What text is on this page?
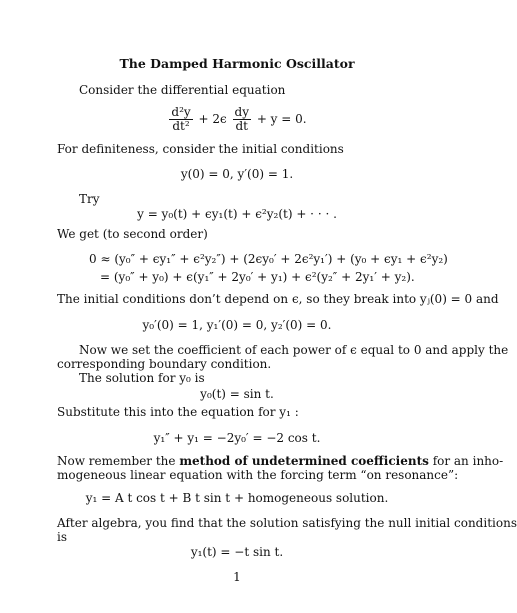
The Damped Harmonic Oscillator
Consider the differential equation
$\frac{\text{d²y}}{\text{dt²}} + 2\epsilon \frac{dy}{dt} + y = 0$.
For definiteness, consider the initial conditions
y(0) = 0, y′(0) = 1.
Try
y = y₀(t) + ϵy₁(t) + ϵ²y₂(t) + · · · .
We get (to second order)
0 ≈ (y₀″ + ϵy₁″ + ϵ²y₂″) + (2ϵy₀′ + 2ϵ²y₁′) + (y₀ + ϵy₁ + ϵ²y₂)
= (y₀″ + y₀) + ϵ(y₁″ + 2y₀′ + y₁) + ϵ²(y₂″ + 2y₁′ + y₂).
The initial conditions don’t depend on ϵ, so they break into yⱼ(0) = 0 and
y₀′(0) = 1, y₁′(0) = 0, y₂′(0) = 0.
Now we set the coefficient of each power of ϵ equal to 0 and apply the
corresponding boundary condition.
The solution for y₀ is
y₀(t) = sin t.
Substitute this into the equation for y₁ :
y₁″ + y₁ = −2y₀′ = −2 cos t.
Now remember the method of undetermined coefficients for an inho-
mogeneous linear equation with the forcing term “on resonance”:
y₁ = A t cos t + B t sin t + homogeneous solution.
After algebra, you find that the solution satisfying the null initial conditions
is
y₁(t) = −t sin t.
1
